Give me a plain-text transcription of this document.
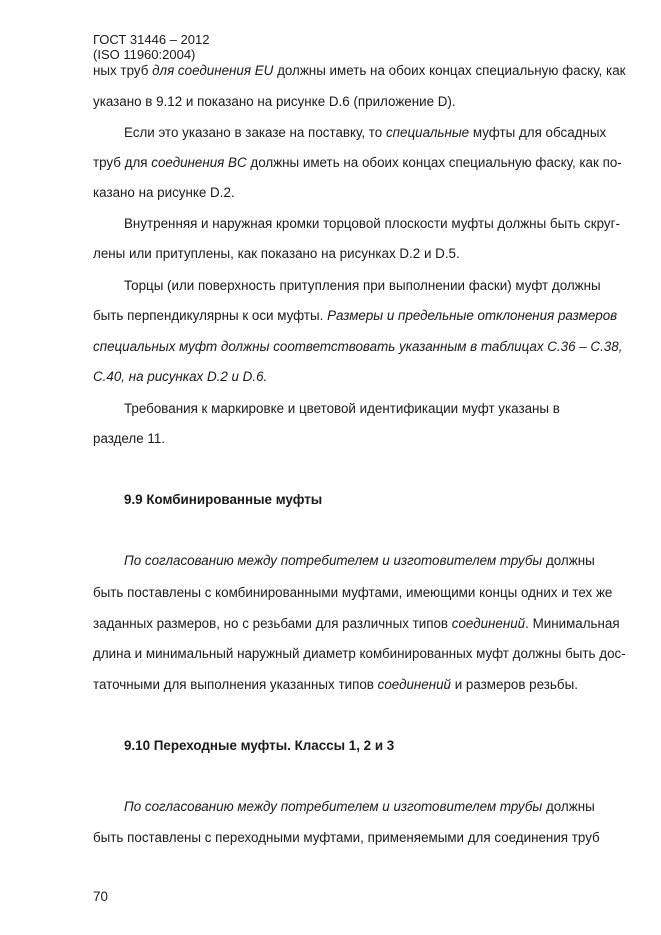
ГОСТ 31446 – 2012
(ISO 11960:2004)
ных труб для соединения EU должны иметь на обоих концах специальную фаску, как
указано в 9.12 и показано на рисунке D.6 (приложение D).
Если это указано в заказе на поставку, то специальные муфты для обсадных
труб для соединения BC должны иметь на обоих концах специальную фаску, как по-
казано на рисунке D.2.
Внутренняя и наружная кромки торцовой плоскости муфты должны быть скруг-
лены или притуплены, как показано на рисунках D.2 и D.5.
Торцы (или поверхность притупления при выполнении фаски) муфт должны
быть перпендикулярны к оси муфты. Размеры и предельные отклонения размеров
специальных муфт должны соответствовать указанным в таблицах С.36 – С.38,
С.40, на рисунках D.2 и D.6.
Требования к маркировке и цветовой идентификации муфт указаны в
разделе 11.
9.9 Комбинированные муфты
По согласованию между потребителем и изготовителем трубы должны
быть поставлены с комбинированными муфтами, имеющими концы одних и тех же
заданных размеров, но с резьбами для различных типов соединений. Минимальная
длина и минимальный наружный диаметр комбинированных муфт должны быть дос-
таточными для выполнения указанных типов соединений и размеров резьбы.
9.10 Переходные муфты. Классы 1, 2 и 3
По согласованию между потребителем и изготовителем трубы должны
быть поставлены с переходными муфтами, применяемыми для соединения труб
70
